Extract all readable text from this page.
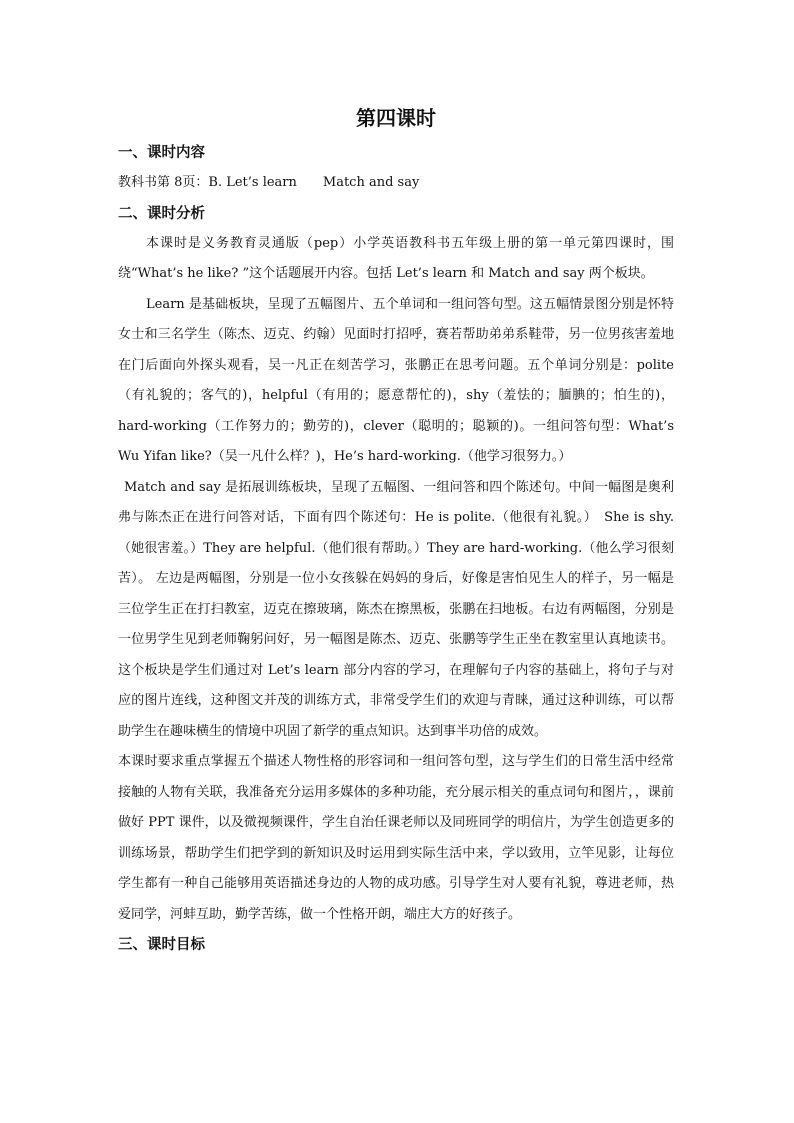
第四课时
一、课时内容

教科书第 8页：B. Let’s learn　　Match and say

二、课时分析

本课时是义务教育灵通版（pep）小学英语教科书五年级上册的第一单元第四课时，围绕“What’s he like? ”这个话题展开内容。包括 Let’s learn 和 Match and say 两个板块。

Learn 是基础板块，呈现了五幅图片、五个单词和一组问答句型。这五幅情景图分别是怀特女士和三名学生（陈杰、迈克、约翰）见面时打招呼，赛若帮助弟弟系鞋带，另一位男孩害羞地在门后面向外探头观看，吴一凡正在刻苦学习，张鹏正在思考问题。五个单词分别是：polite（有礼貌的；客气的)，helpful（有用的；愿意帮忙的)，shy（羞怯的；腼腆的；怕生的)，hard-working（工作努力的；勤劳的)，clever（聪明的；聪颖的)。一组问答句型：What’s Wu Yifan like?（吴一凡什么样？)，He’s hard-working.（他学习很努力。）

Match and say 是拓展训练板块，呈现了五幅图、一组问答和四个陈述句。中间一幅图是奥利弗与陈杰正在进行问答对话，下面有四个陈述句：He is polite.（他很有礼貌。）　She is shy.（她很害羞。）They are helpful.（他们很有帮助。）They are hard-working.（他么学习很刻苦）。 左边是两幅图，分别是一位小女孩躲在妈妈的身后，好像是害怕见生人的样子，另一幅是三位学生正在打扫教室，迈克在擦玻璃，陈杰在擦黑板，张鹏在扫地板。右边有两幅图，分别是一位男学生见到老师鞠躬问好，另一幅图是陈杰、迈克、张鹏等学生正坐在教室里认真地读书。这个板块是学生们通过对 Let’s learn 部分内容的学习，在理解句子内容的基础上，将句子与对应的图片连线，这种图文并茂的训练方式，非常受学生们的欢迎与青睐，通过这种训练，可以帮助学生在趣味横生的情境中巩固了新学的重点知识。达到事半功倍的成效。

本课时要求重点掌握五个描述人物性格的形容词和一组问答句型，这与学生们的日常生活中经常接触的人物有关联，我准备充分运用多媒体的多种功能，充分展示相关的重点词句和图片，，课前做好 PPT 课件，以及微视频课件，学生自治任课老师以及同班同学的明信片，为学生创造更多的训练场景，帮助学生们把学到的新知识及时运用到实际生活中来，学以致用，立竿见影，让每位学生都有一种自己能够用英语描述身边的人物的成功感。引导学生对人要有礼貌，尊进老师，热爱同学，河蚌互助，勤学苦练，做一个性格开朗，端庄大方的好孩子。

三、课时目标
